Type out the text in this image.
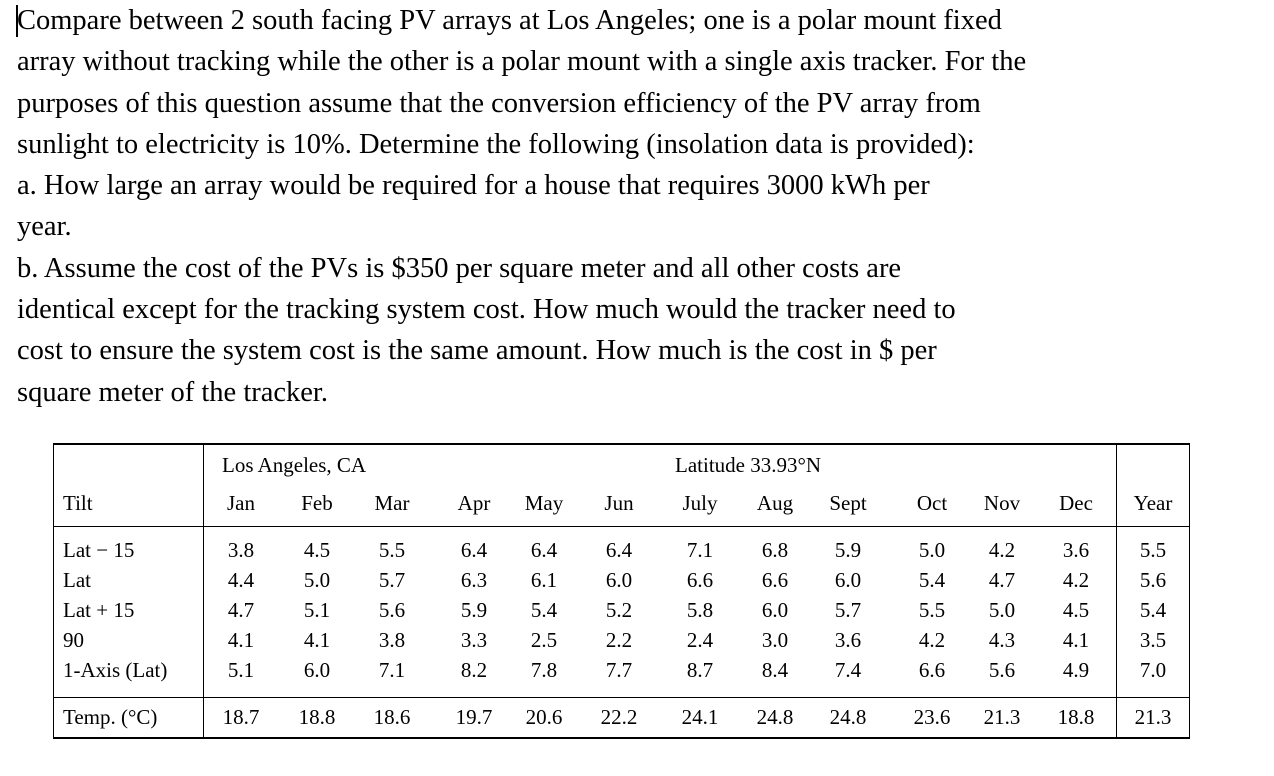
Compare between 2 south facing PV arrays at Los Angeles; one is a polar mount fixed

array without tracking while the other is a polar mount with a single axis tracker. For the

purposes of this question assume that the conversion efficiency of the PV array from

sunlight to electricity is 10%. Determine the following (insolation data is provided):

a. How large an array would be required for a house that requires 3000 kWh per

year.

b. Assume the cost of the PVs is $350 per square meter and all other costs are

identical except for the tracking system cost. How much would the tracker need to

cost to ensure the system cost is the same amount. How much is the cost in $ per

square meter of the tracker.

Los Angeles, CA	Latitude 33.93°N
Tilt	Jan	Feb	Mar	Apr	May	Jun	July	Aug	Sept	Oct	Nov	Dec	Year
Lat − 15	3.8	4.5	5.5	6.4	6.4	6.4	7.1	6.8	5.9	5.0	4.2	3.6	5.5
Lat	4.4	5.0	5.7	6.3	6.1	6.0	6.6	6.6	6.0	5.4	4.7	4.2	5.6
Lat + 15	4.7	5.1	5.6	5.9	5.4	5.2	5.8	6.0	5.7	5.5	5.0	4.5	5.4
90	4.1	4.1	3.8	3.3	2.5	2.2	2.4	3.0	3.6	4.2	4.3	4.1	3.5
1-Axis (Lat)	5.1	6.0	7.1	8.2	7.8	7.7	8.7	8.4	7.4	6.6	5.6	4.9	7.0
Temp. (°C)	18.7	18.8	18.6	19.7	20.6	22.2	24.1	24.8	24.8	23.6	21.3	18.8	21.3
